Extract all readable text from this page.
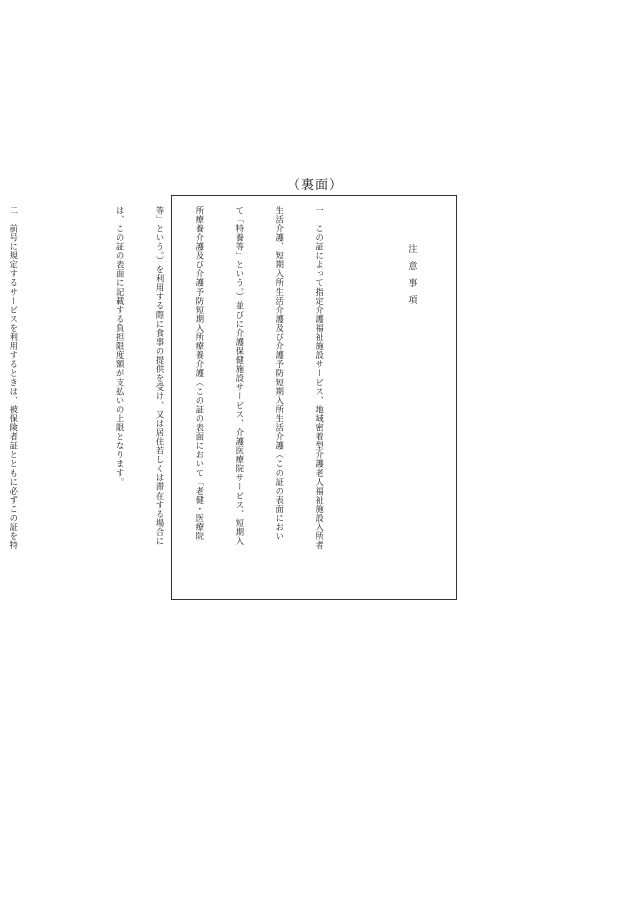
（裏面）

注意事項

一　この証によって指定介護福祉施設サービス、地域密着型介護老人福祉施設入所者

生活介護、短期入所生活介護及び介護予防短期入所生活介護（この証の表面におい

て「特養等」という。）並びに介護保健施設サービス、介護医療院サービス、短期入

所療養介護及び介護予防短期入所療養介護（この証の表面において「老健・医療院

等」という。）を利用する際に食事の提供を受け、又は居住若しくは滞在する場合に

は、この証の表面に記載する負担限度額が支払いの上限となります。

二　前号に規定するサービスを利用するときは、被保険者証とともに必ずこの証を特
